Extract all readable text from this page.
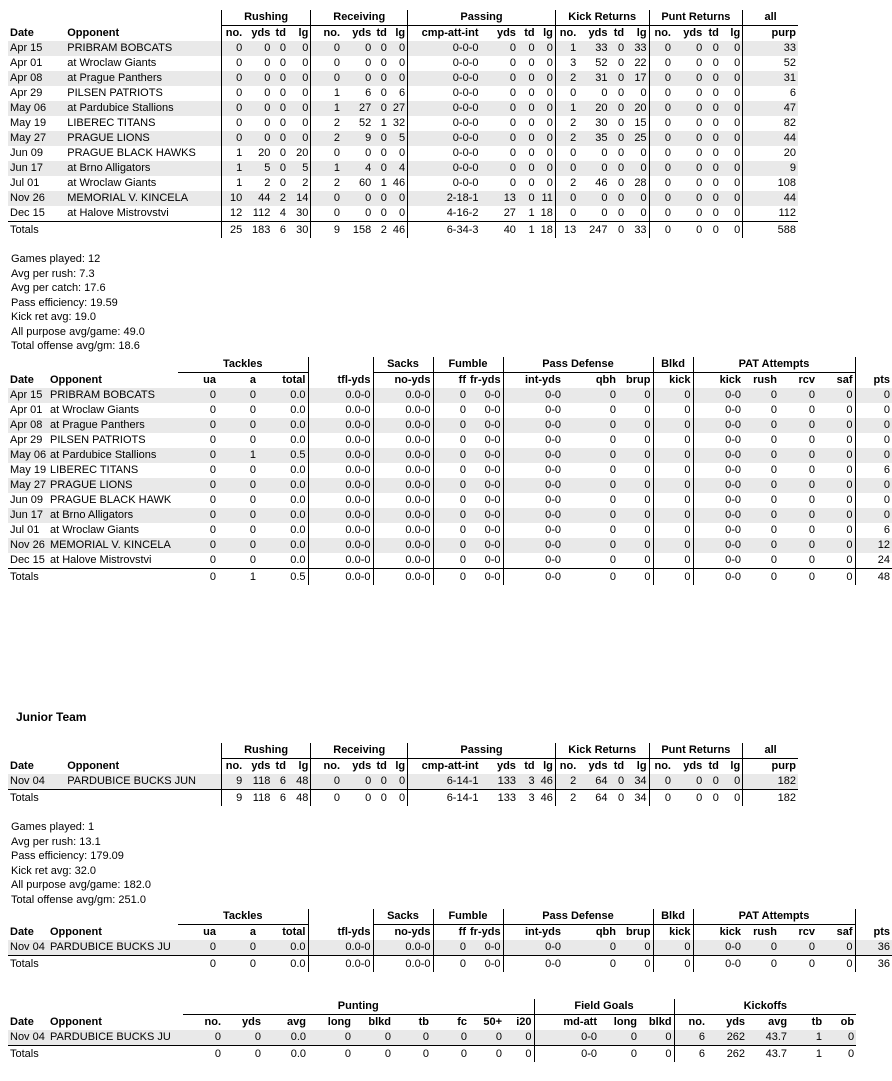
		Rushing				Receiving				Passing				Kick Returns				Punt Returns				all
Date	Opponent	no.	yds	td	lg	no.	yds	td	lg	cmp-att-int	yds	td	lg	no.	yds	td	lg	no.	yds	td	lg	purp
Apr 15	PRIBRAM BOBCATS	0	0	0	0	0	0	0	0	0-0-0	0	0	0	1	33	0	33	0	0	0	0	33
Apr 01	at Wroclaw Giants	0	0	0	0	0	0	0	0	0-0-0	0	0	0	3	52	0	22	0	0	0	0	52
Apr 08	at Prague Panthers	0	0	0	0	0	0	0	0	0-0-0	0	0	0	2	31	0	17	0	0	0	0	31
Apr 29	PILSEN PATRIOTS	0	0	0	0	1	6	0	6	0-0-0	0	0	0	0	0	0	0	0	0	0	0	6
May 06	at Pardubice Stallions	0	0	0	0	1	27	0	27	0-0-0	0	0	0	1	20	0	20	0	0	0	0	47
May 19	LIBEREC TITANS	0	0	0	0	2	52	1	32	0-0-0	0	0	0	2	30	0	15	0	0	0	0	82
May 27	PRAGUE LIONS	0	0	0	0	2	9	0	5	0-0-0	0	0	0	2	35	0	25	0	0	0	0	44
Jun 09	PRAGUE BLACK HAWKS	1	20	0	20	0	0	0	0	0-0-0	0	0	0	0	0	0	0	0	0	0	0	20
Jun 17	at Brno Alligators	1	5	0	5	1	4	0	4	0-0-0	0	0	0	0	0	0	0	0	0	0	0	9
Jul 01	at Wroclaw Giants	1	2	0	2	2	60	1	46	0-0-0	0	0	0	2	46	0	28	0	0	0	0	108
Nov 26	MEMORIAL V. KINCELA	10	44	2	14	0	0	0	0	2-18-1	13	0	11	0	0	0	0	0	0	0	0	44
Dec 15	at Halove Mistrovstvi	12	112	4	30	0	0	0	0	4-16-2	27	1	18	0	0	0	0	0	0	0	0	112
Totals		25	183	6	30	9	158	2	46	6-34-3	40	1	18	13	247	0	33	0	0	0	0	588
Games played: 12
Avg per rush: 7.3
Avg per catch: 17.6
Pass efficiency: 19.59
Kick ret avg: 19.0
All purpose avg/game: 49.0
Total offense avg/gm: 18.6
		Tackles				Sacks	Fumble		Pass Defense			Blkd	PAT Attempts					
Date	Opponent	ua	a	total	tfl-yds	no-yds	ff	fr-yds	int-yds	qbh	brup	kick	kick	rush	rcv	saf	pts	
Apr 15	PRIBRAM BOBCATS	0	0	0.0	0.0-0	0.0-0	0	0-0	0-0	0	0	0	0-0	0	0	0	0	
Apr 01	at Wroclaw Giants	0	0	0.0	0.0-0	0.0-0	0	0-0	0-0	0	0	0	0-0	0	0	0	0	
Apr 08	at Prague Panthers	0	0	0.0	0.0-0	0.0-0	0	0-0	0-0	0	0	0	0-0	0	0	0	0	
Apr 29	PILSEN PATRIOTS	0	0	0.0	0.0-0	0.0-0	0	0-0	0-0	0	0	0	0-0	0	0	0	0	
May 06	at Pardubice Stallions	0	1	0.5	0.0-0	0.0-0	0	0-0	0-0	0	0	0	0-0	0	0	0	0	
May 19	LIBEREC TITANS	0	0	0.0	0.0-0	0.0-0	0	0-0	0-0	0	0	0	0-0	0	0	0	6	
May 27	PRAGUE LIONS	0	0	0.0	0.0-0	0.0-0	0	0-0	0-0	0	0	0	0-0	0	0	0	0	
Jun 09	PRAGUE BLACK HAWK	0	0	0.0	0.0-0	0.0-0	0	0-0	0-0	0	0	0	0-0	0	0	0	0	
Jun 17	at Brno Alligators	0	0	0.0	0.0-0	0.0-0	0	0-0	0-0	0	0	0	0-0	0	0	0	0	
Jul 01	at Wroclaw Giants	0	0	0.0	0.0-0	0.0-0	0	0-0	0-0	0	0	0	0-0	0	0	0	6	
Nov 26	MEMORIAL V. KINCELA	0	0	0.0	0.0-0	0.0-0	0	0-0	0-0	0	0	0	0-0	0	0	0	12	
Dec 15	at Halove Mistrovstvi	0	0	0.0	0.0-0	0.0-0	0	0-0	0-0	0	0	0	0-0	0	0	0	24	
Totals		0	1	0.5	0.0-0	0.0-0	0	0-0	0-0	0	0	0	0-0	0	0	0	48	
Junior Team
		Rushing				Receiving				Passing				Kick Returns				Punt Returns				all
Date	Opponent	no.	yds	td	lg	no.	yds	td	lg	cmp-att-int	yds	td	lg	no.	yds	td	lg	no.	yds	td	lg	purp
Nov 04	PARDUBICE BUCKS JUN	9	118	6	48	0	0	0	0	6-14-1	133	3	46	2	64	0	34	0	0	0	0	182
Totals		9	118	6	48	0	0	0	0	6-14-1	133	3	46	2	64	0	34	0	0	0	0	182
Games played: 1
Avg per rush: 13.1
Pass efficiency: 179.09
Kick ret avg: 32.0
All purpose avg/game: 182.0
Total offense avg/gm: 251.0
		Tackles				Sacks	Fumble		Pass Defense			Blkd	PAT Attempts					
Date	Opponent	ua	a	total	tfl-yds	no-yds	ff	fr-yds	int-yds	qbh	brup	kick	kick	rush	rcv	saf	pts	
Nov 04	PARDUBICE BUCKS JU	0	0	0.0	0.0-0	0.0-0	0	0-0	0-0	0	0	0	0-0	0	0	0	36	
Totals		0	0	0.0	0.0-0	0.0-0	0	0-0	0-0	0	0	0	0-0	0	0	0	36	
		Punting									Field Goals			Kickoffs				
Date	Opponent	no.	yds	avg	long	blkd	tb	fc	50+	i20	md-att	long	blkd	no.	yds	avg	tb	ob
Nov 04	PARDUBICE BUCKS JU	0	0	0.0	0	0	0	0	0	0	0-0	0	0	6	262	43.7	1	0
Totals		0	0	0.0	0	0	0	0	0	0	0-0	0	0	6	262	43.7	1	0
